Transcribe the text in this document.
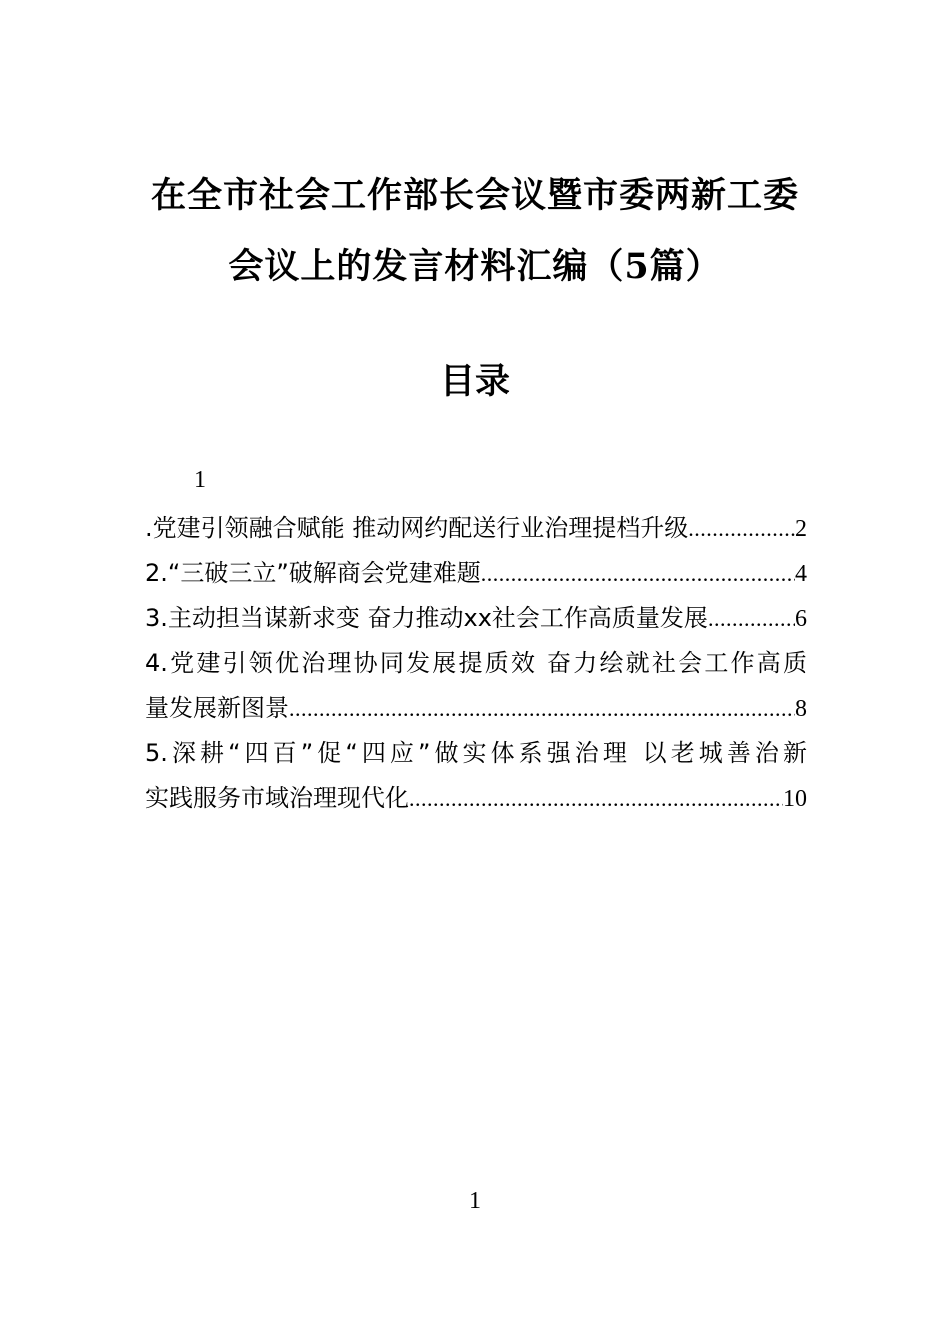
在全市社会工作部长会议暨市委两新工委
会议上的发言材料汇编（5篇）
目录
1
.党建引领融合赋能 推动网约配送行业治理提档升级 .....	2
2.“三破三立”破解商会党建难题 .....	4
3.主动担当谋新求变 奋力推动xx社会工作高质量发展 .....	6
4.党建引领优治理协同发展提质效 奋力绘就社会工作高质
量发展新图景 .....	8
5.深耕“四百”促“四应”做实体系强治理 以老城善治新
实践服务市域治理现代化 .....	10
1
